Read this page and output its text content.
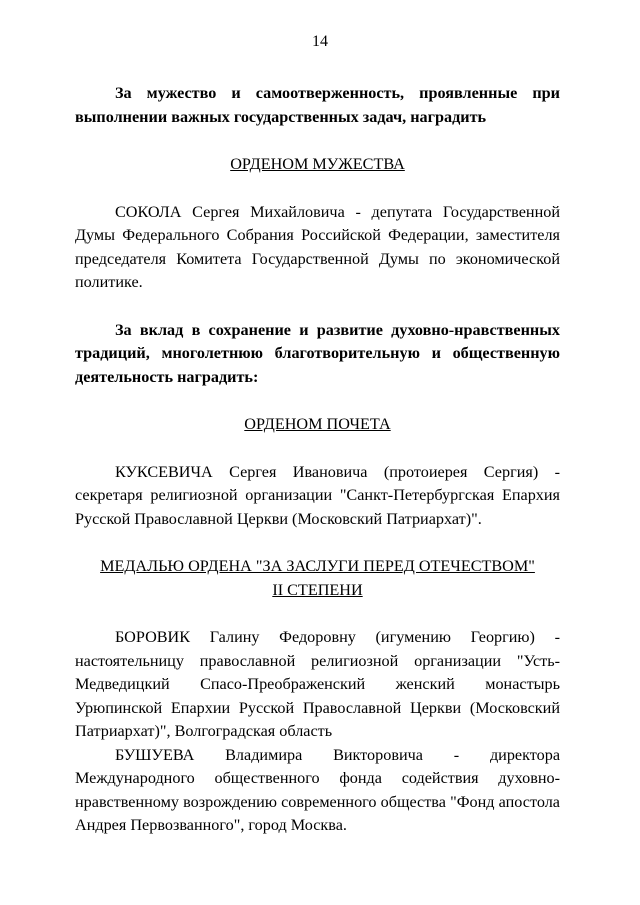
14

За мужество и самоотверженность, проявленные при выполнении важных государственных задач, наградить

ОРДЕНОМ МУЖЕСТВА

СОКОЛА Сергея Михайловича - депутата Государственной Думы Федерального Собрания Российской Федерации, заместителя председателя Комитета Государственной Думы по экономической политике.

За вклад в сохранение и развитие духовно-нравственных традиций, многолетнюю благотворительную и общественную деятельность наградить:

ОРДЕНОМ ПОЧЕТА

КУКСЕВИЧА Сергея Ивановича (протоиерея Сергия) - секретаря религиозной организации "Санкт-Петербургская Епархия Русской Православной Церкви (Московский Патриархат)".

МЕДАЛЬЮ ОРДЕНА "ЗА ЗАСЛУГИ ПЕРЕД ОТЕЧЕСТВОМ"

II СТЕПЕНИ

БОРОВИК Галину Федоровну (игумению Георгию) - настоятельницу православной религиозной организации "Усть-Медведицкий Спасо-Преображенский женский монастырь Урюпинской Епархии Русской Православной Церкви (Московский Патриархат)", Волгоградская область

БУШУЕВА Владимира Викторовича - директора Международного общественного фонда содействия духовно-нравственному возрождению современного общества "Фонд апостола Андрея Первозванного", город Москва.
